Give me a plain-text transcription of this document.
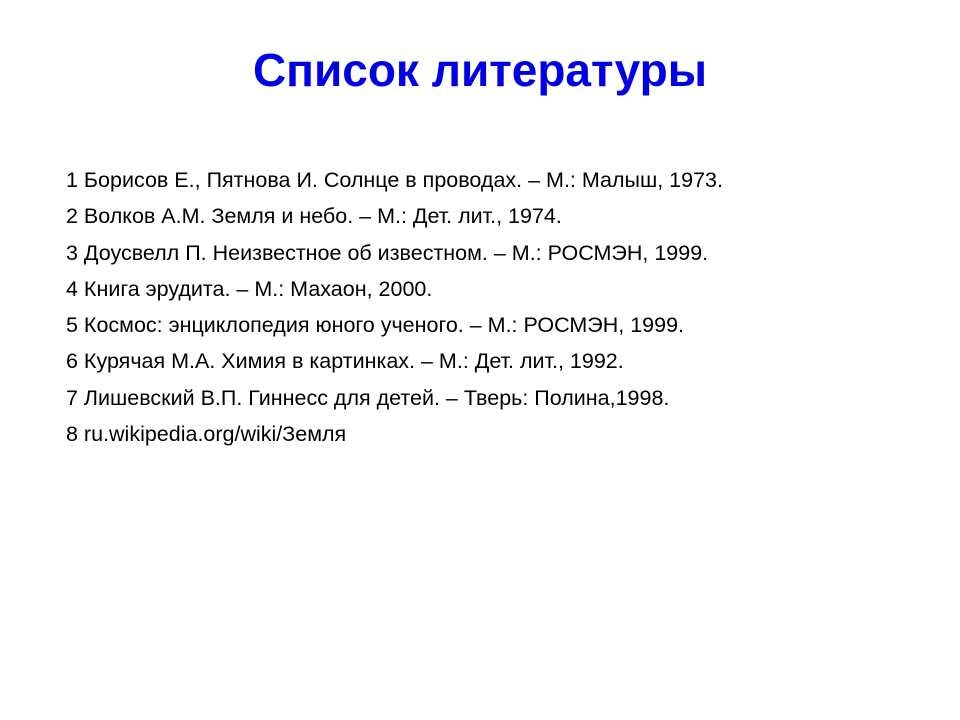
Список литературы
1 Борисов Е., Пятнова И. Солнце в проводах. – М.: Малыш, 1973.
2 Волков А.М. Земля и небо. – М.: Дет. лит., 1974.
3 Доусвелл П. Неизвестное об известном. – М.: РОСМЭН, 1999.
4 Книга эрудита. – М.: Махаон, 2000.
5 Космос: энциклопедия юного ученого. – М.: РОСМЭН, 1999.
6 Курячая М.А. Химия в картинках. – М.: Дет. лит., 1992.
7 Лишевский В.П. Гиннесс для детей. – Тверь: Полина,1998.
8 ru.wikipedia.org/wiki/Земля
